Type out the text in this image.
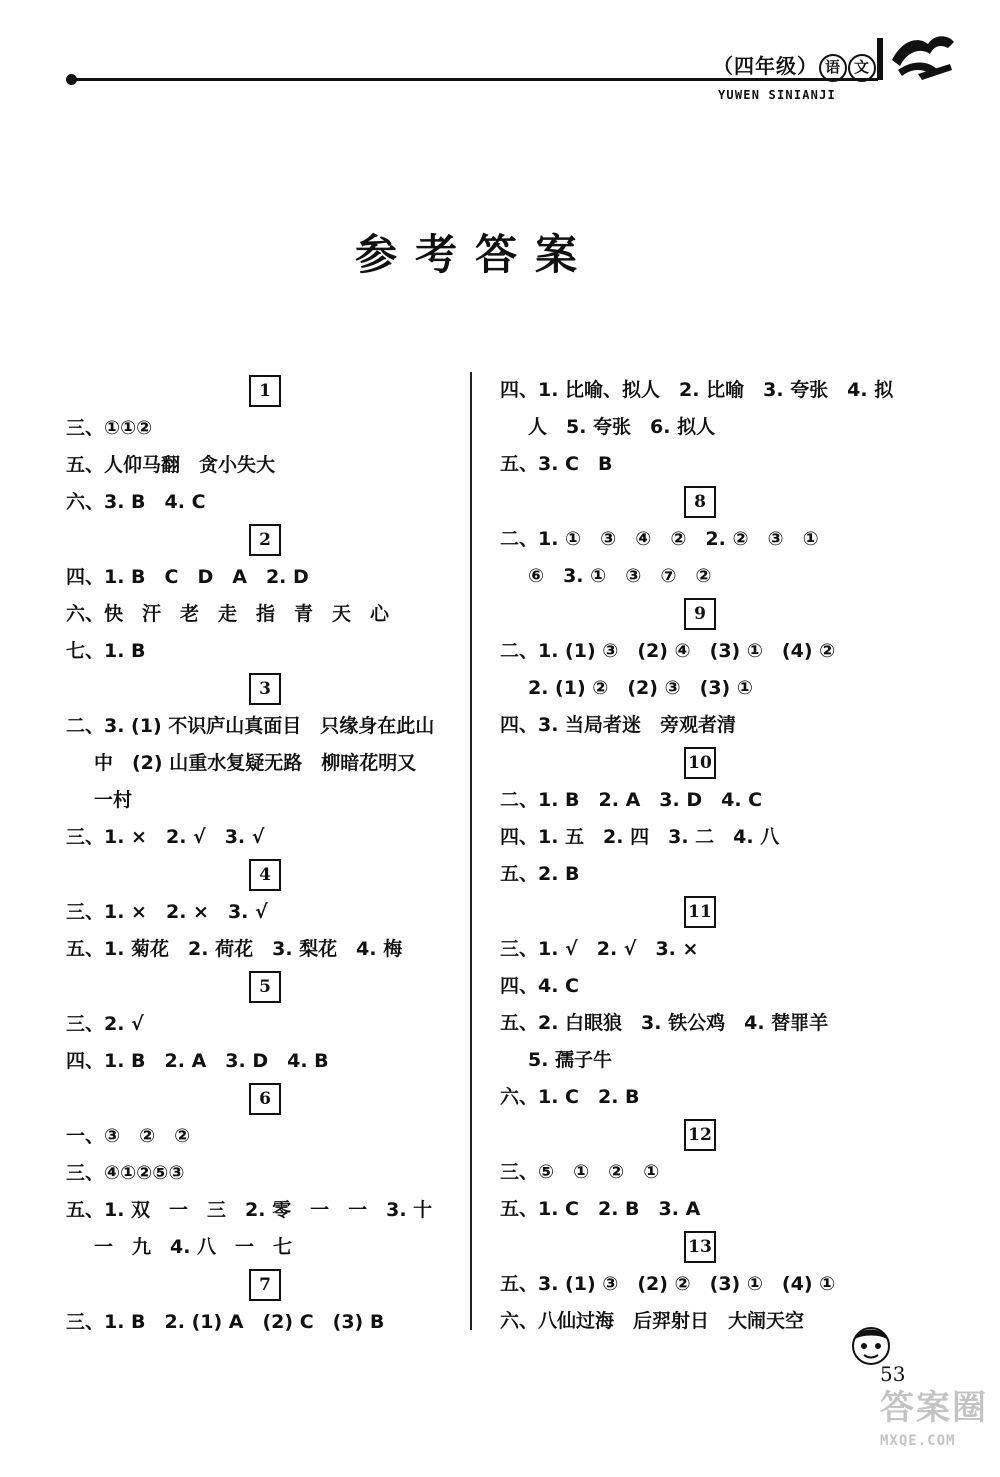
（四年级） 语 文
YUWEN SINIANJI
参考答案
1
三、①①②
五、人仰马翻　贪小失大
六、3. B　4. C
2
四、1. B　C　D　A　2. D
六、快　汗　老　走　指　青　天　心
七、1. B
3
二、3. (1) 不识庐山真面目　只缘身在此山
中　(2) 山重水复疑无路　柳暗花明又
一村
三、1. ×　2. √　3. √
4
三、1. ×　2. ×　3. √
五、1. 菊花　2. 荷花　3. 梨花　4. 梅
5
三、2. √
四、1. B　2. A　3. D　4. B
6
一、③　②　②
三、④①②⑤③
五、1. 双　一　三　2. 零　一　一　3. 十
一　九　4. 八　一　七
7
三、1. B　2. (1) A　(2) C　(3) B
四、1. 比喻、拟人　2. 比喻　3. 夸张　4. 拟
人　5. 夸张　6. 拟人
五、3. C　B
8
二、1. ①　③　④　②　2. ②　③　①
⑥　3. ①　③　⑦　②
9
二、1. (1) ③　(2) ④　(3) ①　(4) ②
2. (1) ②　(2) ③　(3) ①
四、3. 当局者迷　旁观者清
10
二、1. B　2. A　3. D　4. C
四、1. 五　2. 四　3. 二　4. 八
五、2. B
11
三、1. √　2. √　3. ×
四、4. C
五、2. 白眼狼　3. 铁公鸡　4. 替罪羊
5. 孺子牛
六、1. C　2. B
12
三、⑤　①　②　①
五、1. C　2. B　3. A
13
五、3. (1) ③　(2) ②　(3) ①　(4) ①
六、八仙过海　后羿射日　大闹天空
53
答案圈
MXQE.COM
